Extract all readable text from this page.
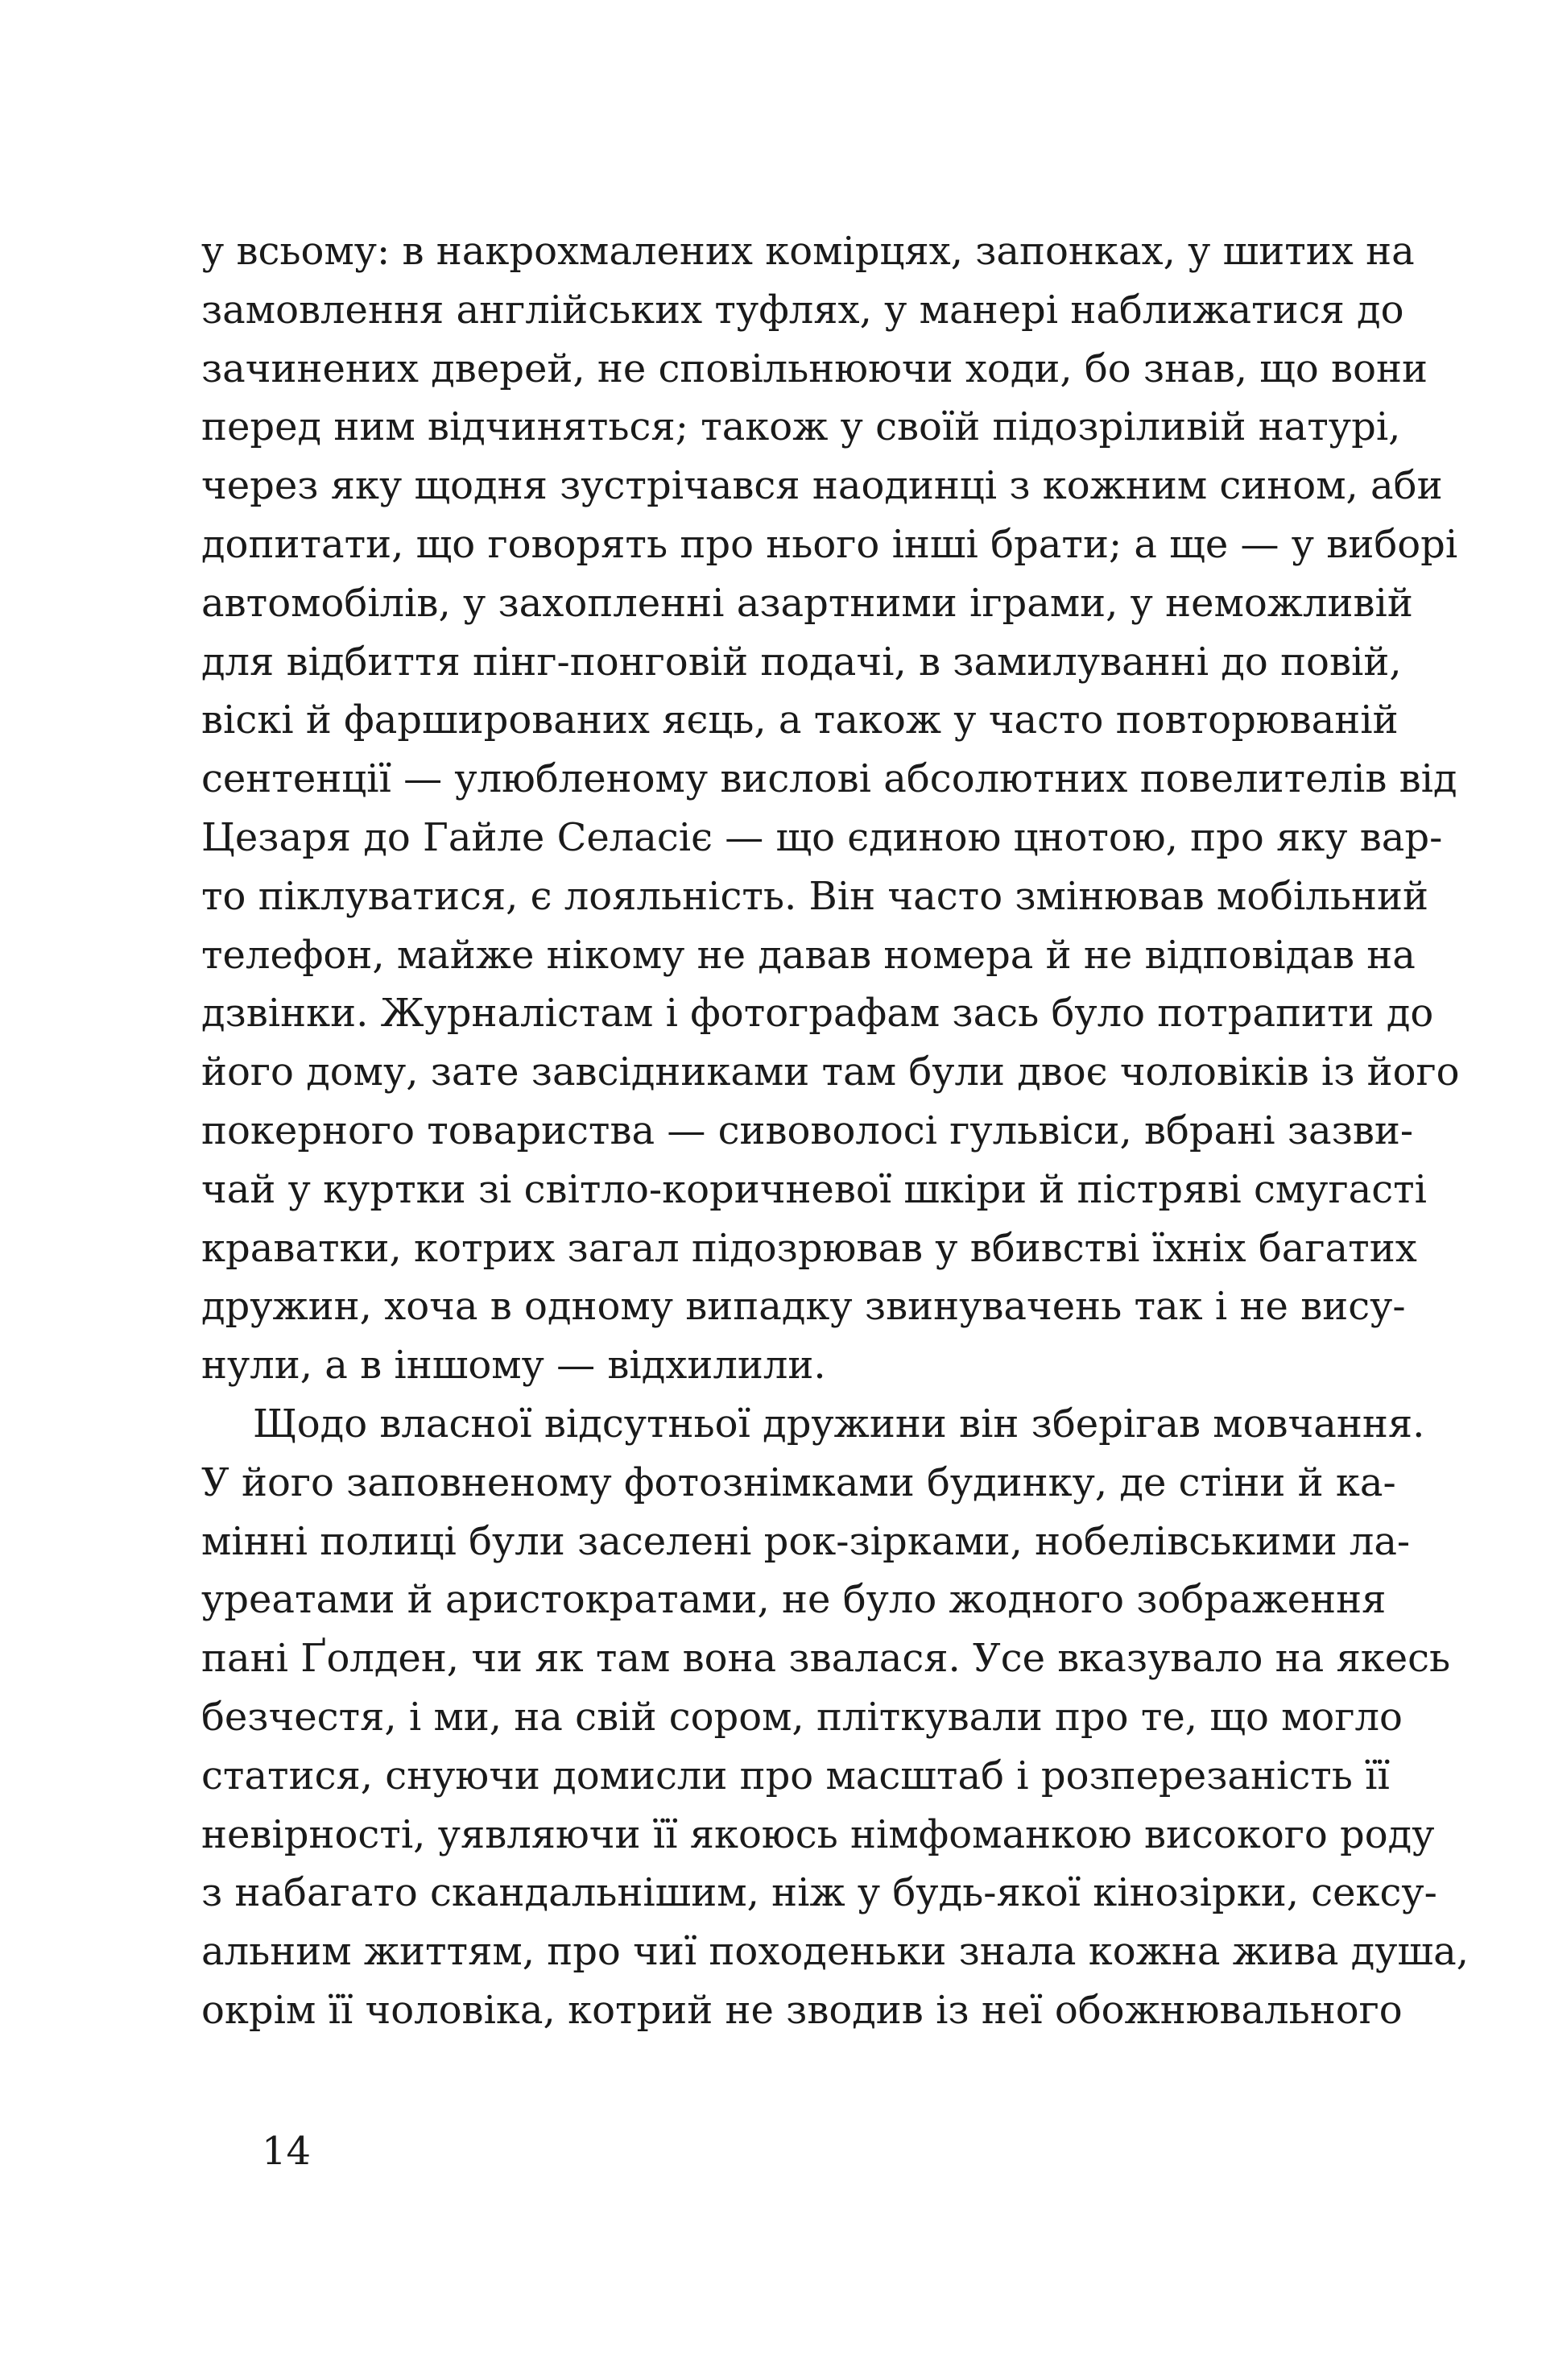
у всьому: в накрохмалених комірцях, запонках, у шитих на
замовлення англійських туфлях, у манері наближатися до
зачинених дверей, не сповільнюючи ходи, бо знав, що вони
перед ним відчиняться; також у своїй підозріливій натурі,
через яку щодня зустрічався наодинці з кожним сином, аби
допитати, що говорять про нього інші брати; а ще — у виборі
автомобілів, у захопленні азартними іграми, у неможливій
для відбиття пінг-понговій подачі, в замилуванні до повій,
віскі й фаршированих яєць, а також у часто повторюваній
сентенції — улюбленому вислові абсолютних повелителів від
Цезаря до Гайле Селасіє — що єдиною цнотою, про яку вар-
то піклуватися, є лояльність. Він часто змінював мобільний
телефон, майже нікому не давав номера й не відповідав на
дзвінки. Журналістам і фотографам зась було потрапити до
його дому, зате завсідниками там були двоє чоловіків із його
покерного товариства — сивоволосі гульвіси, вбрані зазви-
чай у куртки зі світло-коричневої шкіри й пістряві смугасті
краватки, котрих загал підозрював у вбивстві їхніх багатих
дружин, хоча в одному випадку звинувачень так і не вису-
нули, а в іншому — відхилили.
Щодо власної відсутньої дружини він зберігав мовчання.
У його заповненому фотознімками будинку, де стіни й ка-
мінні полиці були заселені рок-зірками, нобелівськими ла-
уреатами й аристократами, не було жодного зображення
пані Ґолден, чи як там вона звалася. Усе вказувало на якесь
безчестя, і ми, на свій сором, пліткували про те, що могло
статися, снуючи домисли про масштаб і розперезаність її
невірності, уявляючи її якоюсь німфоманкою високого роду
з набагато скандальнішим, ніж у будь-якої кінозірки, сексу-
альним життям, про чиї походеньки знала кожна жива душа,
окрім її чоловіка, котрий не зводив із неї обожнювального
14
